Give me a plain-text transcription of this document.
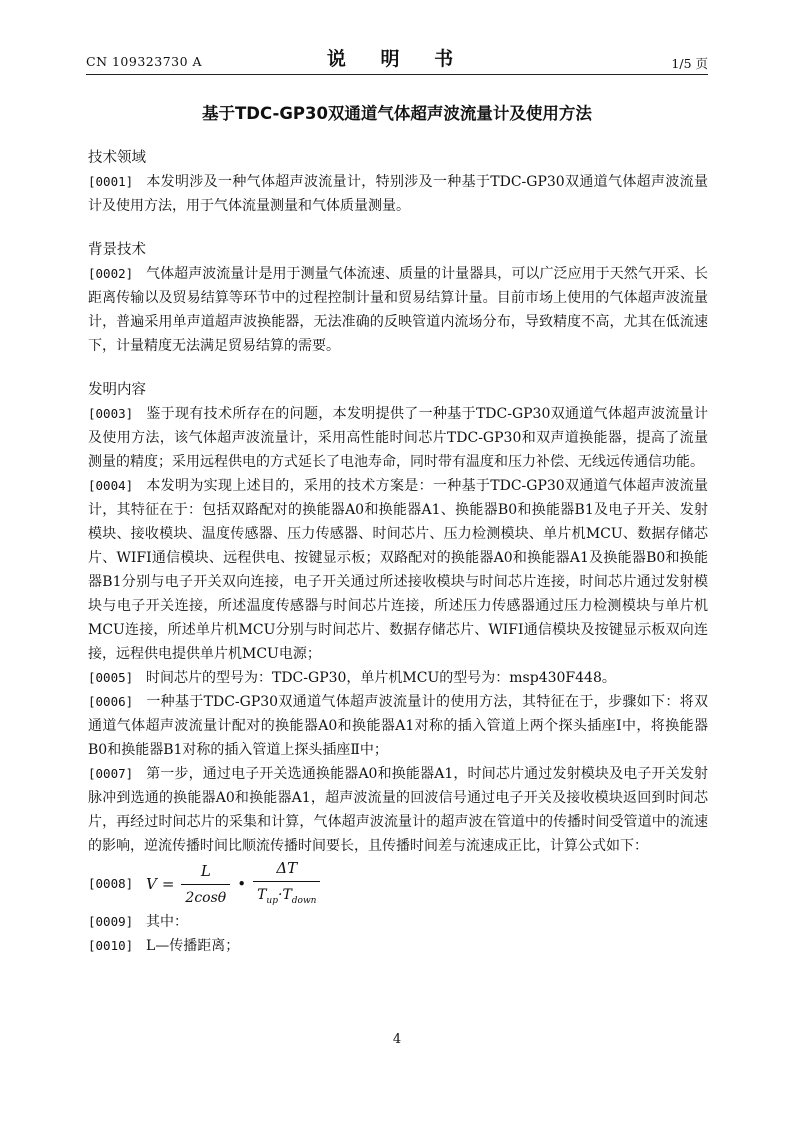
CN 109323730 A	说 明 书	1/5 页
基于TDC-GP30双通道气体超声波流量计及使用方法
技术领域

[0001] 本发明涉及一种气体超声波流量计，特别涉及一种基于TDC-GP30双通道气体超声波流量计及使用方法，用于气体流量测量和气体质量测量。

背景技术

[0002] 气体超声波流量计是用于测量气体流速、质量的计量器具，可以广泛应用于天然气开采、长距离传输以及贸易结算等环节中的过程控制计量和贸易结算计量。目前市场上使用的气体超声波流量计，普遍采用单声道超声波换能器，无法准确的反映管道内流场分布，导致精度不高，尤其在低流速下，计量精度无法满足贸易结算的需要。

发明内容

[0003] 鉴于现有技术所存在的问题，本发明提供了一种基于TDC-GP30双通道气体超声波流量计及使用方法，该气体超声波流量计，采用高性能时间芯片TDC-GP30和双声道换能器，提高了流量测量的精度；采用远程供电的方式延长了电池寿命，同时带有温度和压力补偿、无线远传通信功能。

[0004] 本发明为实现上述目的，采用的技术方案是：一种基于TDC-GP30双通道气体超声波流量计，其特征在于：包括双路配对的换能器A0和换能器A1、换能器B0和换能器B1及电子开关、发射模块、接收模块、温度传感器、压力传感器、时间芯片、压力检测模块、单片机MCU、数据存储芯片、WIFI通信模块、远程供电、按键显示板；双路配对的换能器A0和换能器A1及换能器B0和换能器B1分别与电子开关双向连接，电子开关通过所述接收模块与时间芯片连接，时间芯片通过发射模块与电子开关连接，所述温度传感器与时间芯片连接，所述压力传感器通过压力检测模块与单片机MCU连接，所述单片机MCU分别与时间芯片、数据存储芯片、WIFI通信模块及按键显示板双向连接，远程供电提供单片机MCU电源；

[0005] 时间芯片的型号为：TDC-GP30，单片机MCU的型号为：msp430F448。

[0006] 一种基于TDC-GP30双通道气体超声波流量计的使用方法，其特征在于，步骤如下：将双通道气体超声波流量计配对的换能器A0和换能器A1对称的插入管道上两个探头插座Ⅰ中，将换能器B0和换能器B1对称的插入管道上探头插座Ⅱ中；

[0007] 第一步，通过电子开关选通换能器A0和换能器A1，时间芯片通过发射模块及电子开关发射脉冲到选通的换能器A0和换能器A1，超声波流量的回波信号通过电子开关及接收模块返回到时间芯片，再经过时间芯片的采集和计算，气体超声波流量计的超声波在管道中的传播时间受管道中的流速的影响，逆流传播时间比顺流传播时间要长，且传播时间差与流速成正比，计算公式如下：

[0008] $V = \frac{L}{2\cos\theta}$ • $\frac{\Delta T}{T_{up}\cdot T_{down}}$

[0009] 其中：

[0010] L—传播距离；

4
